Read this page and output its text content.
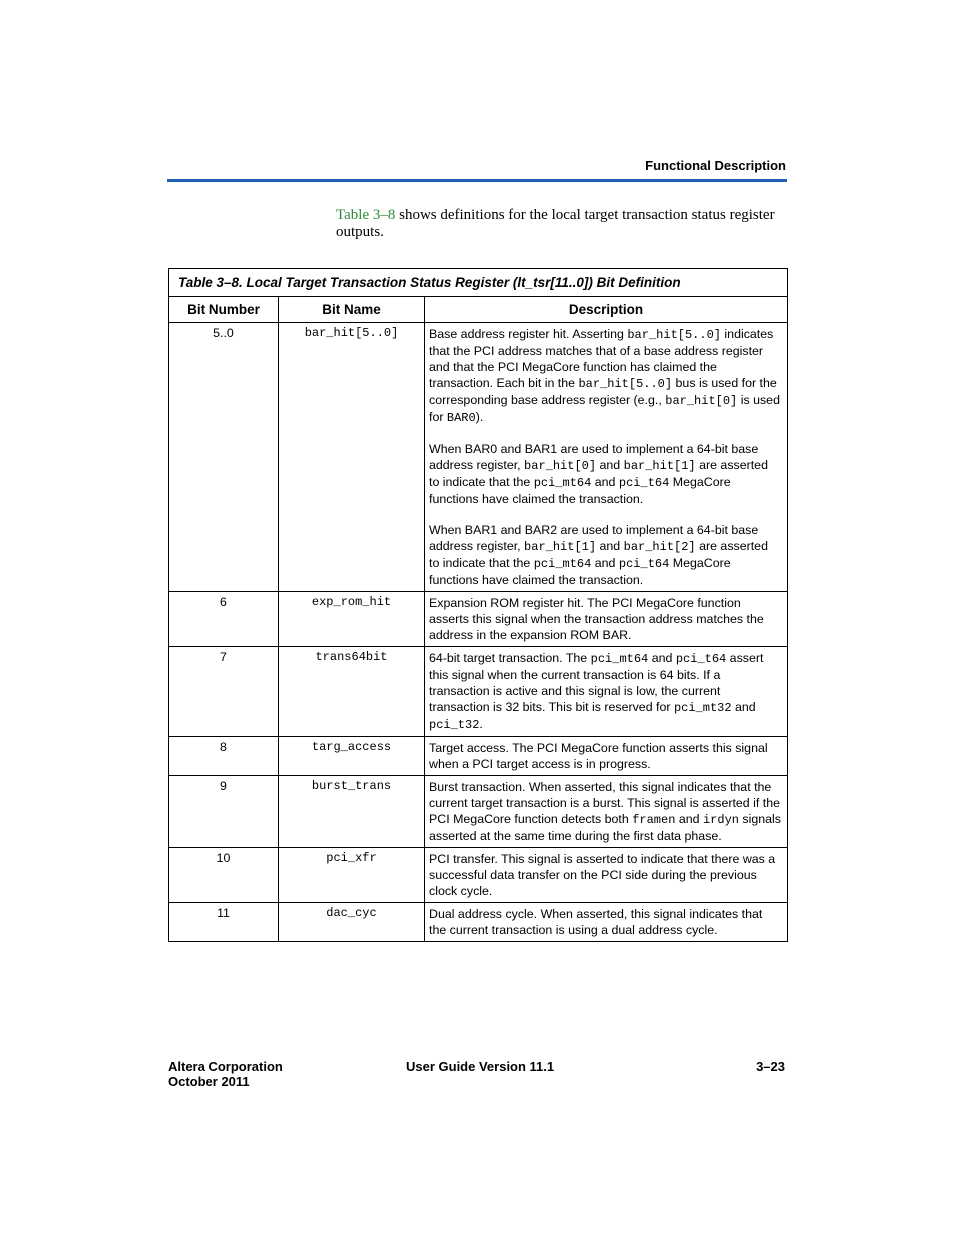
Functional Description
Table 3–8 shows definitions for the local target transaction status register outputs.
Table 3–8. Local Target Transaction Status Register (lt_tsr[11..0]) Bit Definition		
Bit Number	Bit Name	Description
5..0	bar_hit[5..0]	Base address register hit. Asserting bar_hit[5..0] indicates that the PCI address matches that of a base address register and that the PCI MegaCore function has claimed the transaction. Each bit in the bar_hit[5..0] bus is used for the corresponding base address register (e.g., bar_hit[0] is used for BAR0).

When BAR0 and BAR1 are used to implement a 64-bit base address register, bar_hit[0] and bar_hit[1] are asserted to indicate that the pci_mt64 and pci_t64 MegaCore functions have claimed the transaction.

When BAR1 and BAR2 are used to implement a 64-bit base address register, bar_hit[1] and bar_hit[2] are asserted to indicate that the pci_mt64 and pci_t64 MegaCore functions have claimed the transaction.

6	exp_rom_hit	Expansion ROM register hit. The PCI MegaCore function asserts this signal when the transaction address matches the address in the expansion ROM BAR.

7	trans64bit	64-bit target transaction. The pci_mt64 and pci_t64 assert this signal when the current transaction is 64 bits. If a transaction is active and this signal is low, the current transaction is 32 bits. This bit is reserved for pci_mt32 and pci_t32.

8	targ_access	Target access. The PCI MegaCore function asserts this signal when a PCI target access is in progress.

9	burst_trans	Burst transaction. When asserted, this signal indicates that the current target transaction is a burst. This signal is asserted if the PCI MegaCore function detects both framen and irdyn signals asserted at the same time during the first data phase.

10	pci_xfr	PCI transfer. This signal is asserted to indicate that there was a successful data transfer on the PCI side during the previous clock cycle.

11	dac_cyc	Dual address cycle. When asserted, this signal indicates that the current transaction is using a dual address cycle.

Altera Corporation
October 2011
User Guide Version 11.1	3–23
